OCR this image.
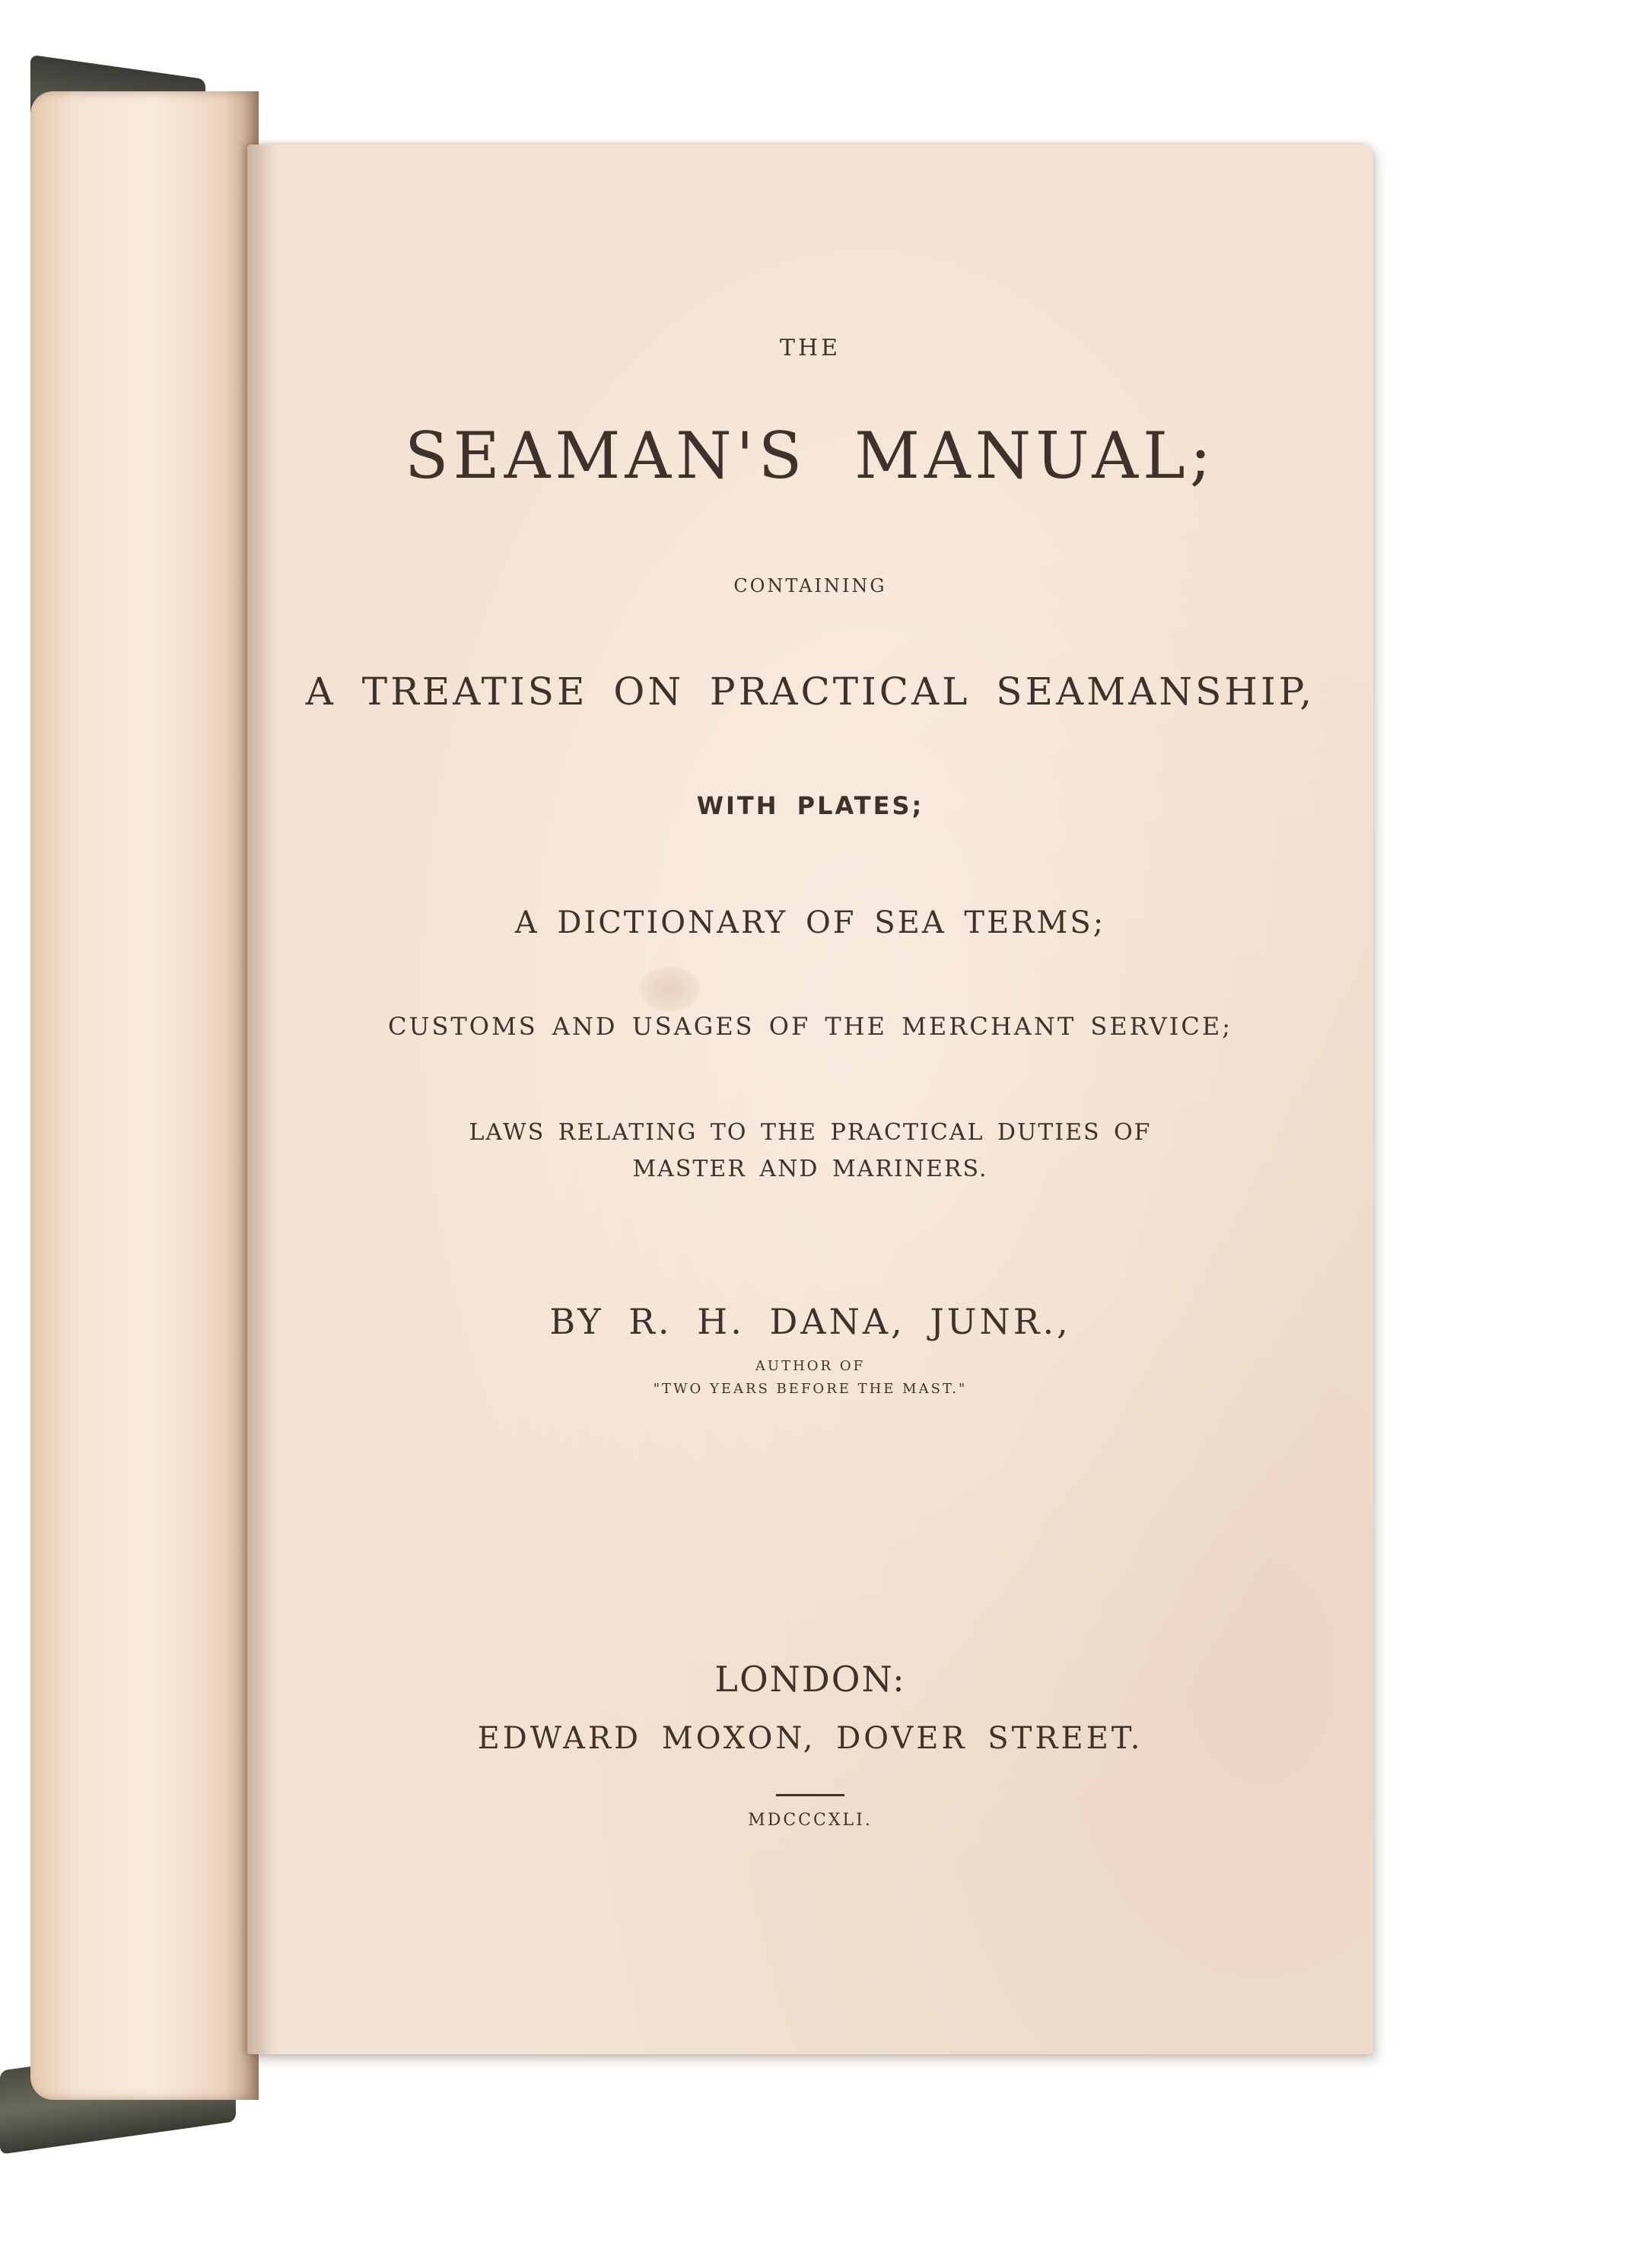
THE

SEAMAN'S MANUAL;

CONTAINING

A TREATISE ON PRACTICAL SEAMANSHIP,

WITH PLATES;

A DICTIONARY OF SEA TERMS;

CUSTOMS AND USAGES OF THE MERCHANT SERVICE;

LAWS RELATING TO THE PRACTICAL DUTIES OF MASTER AND MARINERS.

BY R. H. DANA, JUNR.,

AUTHOR OF

"TWO YEARS BEFORE THE MAST."

LONDON:

EDWARD MOXON, DOVER STREET.

MDCCCXLI.
